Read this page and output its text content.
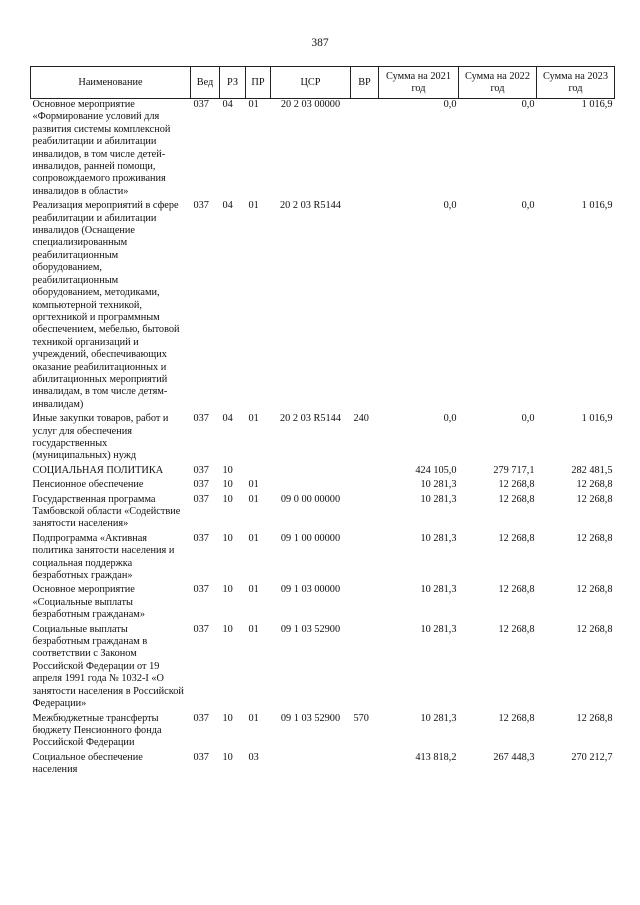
387
Наименование	Вед	РЗ	ПР	ЦСР	ВР	Сумма на 2021 год	Сумма на 2022 год	Сумма на 2023 год
Основное мероприятие «Формирование условий для развития системы комплексной реабилитации и абилитации инвалидов, в том числе детей-инвалидов, ранней помощи, сопровождаемого проживания инвалидов в области»	037	04	01	20 2 03 00000		0,0	0,0	1 016,9
Реализация мероприятий в сфере реабилитации и абилитации инвалидов (Оснащение специализированным реабилитационным оборудованием, реабилитационным оборудованием, методиками, компьютерной техникой, оргтехникой и программным обеспечением, мебелью, бытовой техникой организаций и учреждений, обеспечивающих оказание реабилитационных и абилитационных мероприятий инвалидам, в том числе детям-инвалидам)	037	04	01	20 2 03 R5144		0,0	0,0	1 016,9
Иные закупки товаров, работ и услуг для обеспечения государственных (муниципальных) нужд	037	04	01	20 2 03 R5144	240	0,0	0,0	1 016,9
СОЦИАЛЬНАЯ ПОЛИТИКА	037	10				424 105,0	279 717,1	282 481,5
Пенсионное обеспечение	037	10	01			10 281,3	12 268,8	12 268,8
Государственная программа Тамбовской области «Содействие занятости населения»	037	10	01	09 0 00 00000		10 281,3	12 268,8	12 268,8
Подпрограмма «Активная политика занятости населения и социальная поддержка безработных граждан»	037	10	01	09 1 00 00000		10 281,3	12 268,8	12 268,8
Основное мероприятие «Социальные выплаты безработным гражданам»	037	10	01	09 1 03 00000		10 281,3	12 268,8	12 268,8
Социальные выплаты безработным гражданам в соответствии с Законом Российской Федерации от 19 апреля 1991 года № 1032-I «О занятости населения в Российской Федерации»	037	10	01	09 1 03 52900		10 281,3	12 268,8	12 268,8
Межбюджетные трансферты бюджету Пенсионного фонда Российской Федерации	037	10	01	09 1 03 52900	570	10 281,3	12 268,8	12 268,8
Социальное обеспечение населения	037	10	03			413 818,2	267 448,3	270 212,7
